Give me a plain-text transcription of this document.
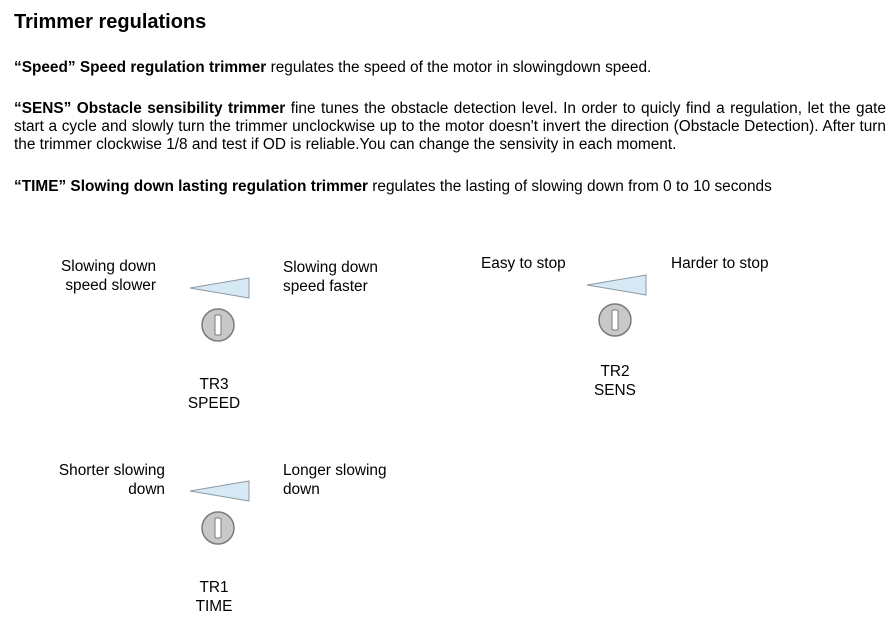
Trimmer regulations

“Speed” Speed regulation trimmer regulates the speed of the motor in slowingdown speed.

“SENS” Obstacle sensibility trimmer fine tunes the obstacle detection level. In order to quicly find a regulation, let the gate start a cycle and slowly turn the trimmer unclockwise up to the motor doesn't invert the direction (Obstacle Detection). After turn the trimmer clockwise 1/8 and test if OD is reliable.You can change the sensivity in each moment.

“TIME” Slowing down lasting regulation trimmer regulates the lasting of slowing down from 0 to 10 seconds

Slowing down
speed slower

Slowing down
speed faster

TR3
SPEED

Easy to stop	Harder to stop

TR2
SENS

Shorter slowing
down

Longer slowing
down

TR1
TIME
